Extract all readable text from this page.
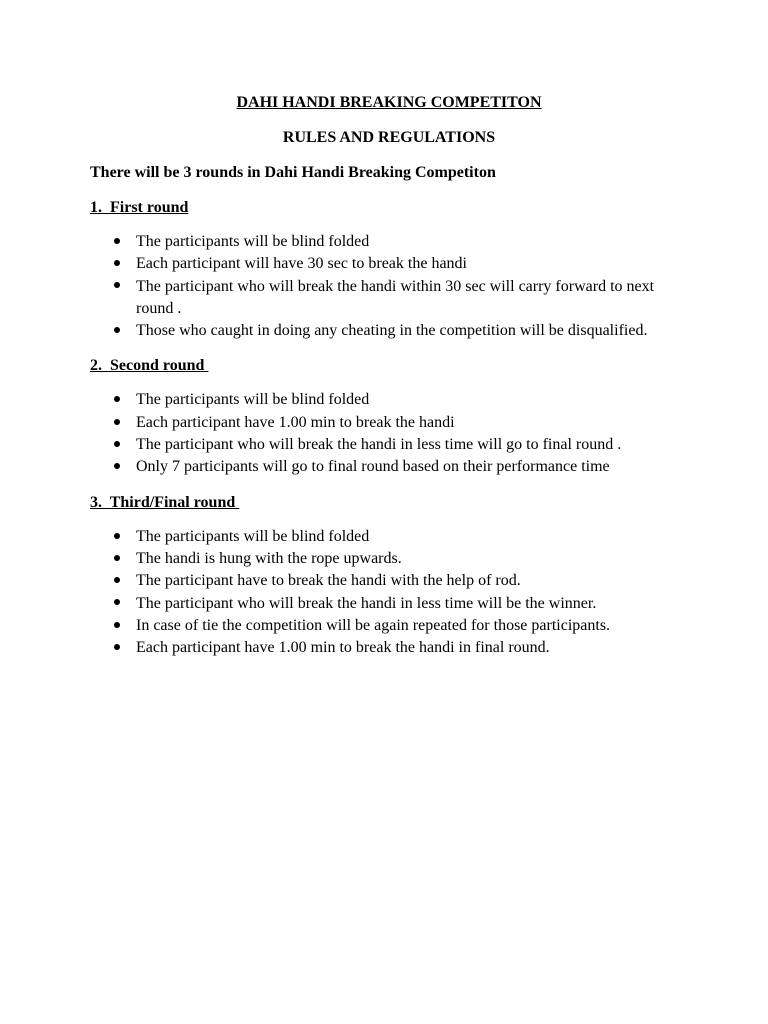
DAHI HANDI BREAKING COMPETITON
RULES AND REGULATIONS
There will be 3 rounds in Dahi Handi Breaking Competiton
1.  First round
The participants will be blind folded
Each participant will have 30 sec to break the handi
The participant who will break the handi within 30 sec will carry forward to next round .
Those who caught in doing any cheating in the competition will be disqualified.
2.  Second round
The participants will be blind folded
Each participant have 1.00 min to break the handi
The participant who will break the handi in less time will go to final round .
Only 7 participants will go to final round based on their performance time
3.  Third/Final round
The participants will be blind folded
The handi is hung with the rope upwards.
The participant have to break the handi with the help of rod.
The participant who will break the handi in less time will be the winner.
In case of tie the competition will be again repeated for those participants.
Each participant have 1.00 min to break the handi in final round.
